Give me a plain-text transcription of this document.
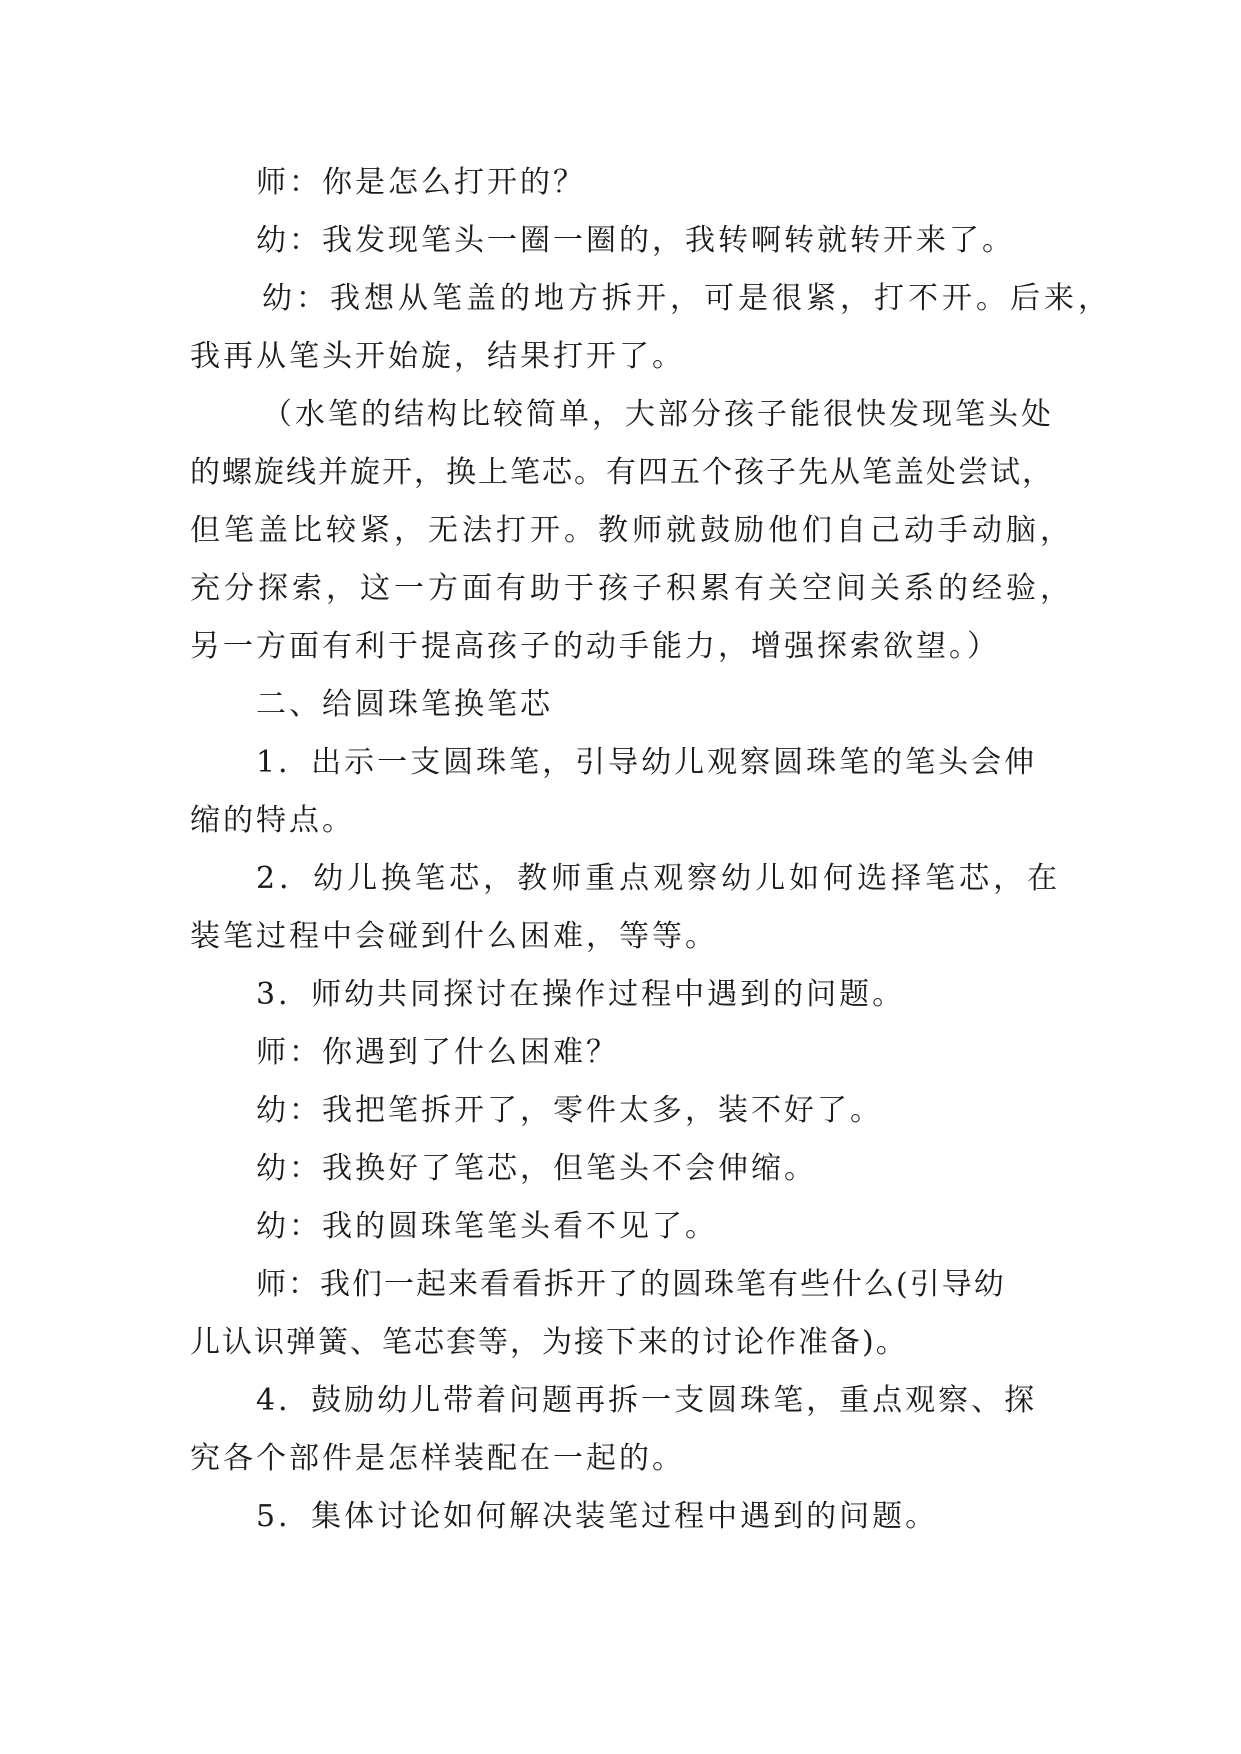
师：你是怎么打开的？
幼：我发现笔头一圈一圈的，我转啊转就转开来了。
幼：我想从笔盖的地方拆开，可是很紧，打不开。后来，
我再从笔头开始旋，结果打开了。
（水笔的结构比较简单，大部分孩子能很快发现笔头处
的螺旋线并旋开，换上笔芯。有四五个孩子先从笔盖处尝试，
但笔盖比较紧，无法打开。教师就鼓励他们自己动手动脑，
充分探索，这一方面有助于孩子积累有关空间关系的经验，
另一方面有利于提高孩子的动手能力，增强探索欲望。）
二、给圆珠笔换笔芯
1．出示一支圆珠笔，引导幼儿观察圆珠笔的笔头会伸
缩的特点。
2．幼儿换笔芯，教师重点观察幼儿如何选择笔芯，在
装笔过程中会碰到什么困难，等等。
3．师幼共同探讨在操作过程中遇到的问题。
师：你遇到了什么困难？
幼：我把笔拆开了，零件太多，装不好了。
幼：我换好了笔芯，但笔头不会伸缩。
幼：我的圆珠笔笔头看不见了。
师：我们一起来看看拆开了的圆珠笔有些什么(引导幼
儿认识弹簧、笔芯套等，为接下来的讨论作准备)。
4．鼓励幼儿带着问题再拆一支圆珠笔，重点观察、探
究各个部件是怎样装配在一起的。
5．集体讨论如何解决装笔过程中遇到的问题。
